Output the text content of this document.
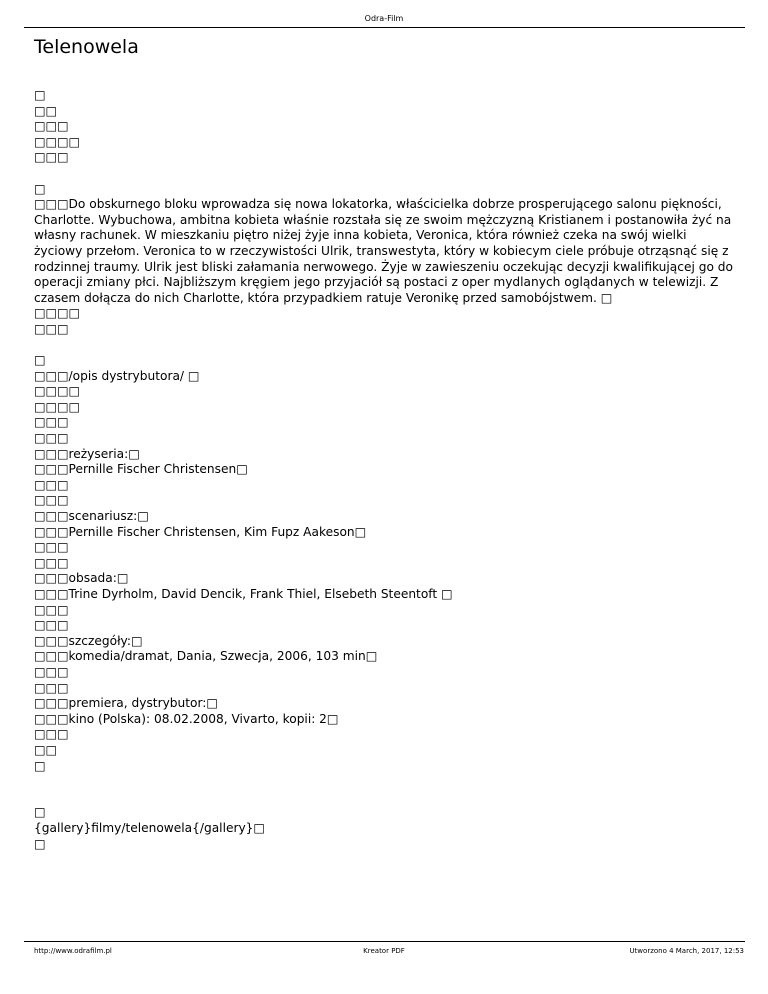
Odra-Film
Telenowela
□
□□
□□□
□□□□
□□□
□
□□□Do obskurnego bloku wprowadza się nowa lokatorka, właścicielka dobrze prosperującego salonu piękności, Charlotte. Wybuchowa, ambitna kobieta właśnie rozstała się ze swoim mężczyzną Kristianem i postanowiła żyć na własny rachunek. W mieszkaniu piętro niżej żyje inna kobieta, Veronica, która również czeka na swój wielki życiowy przełom. Veronica to w rzeczywistości Ulrik, transwestyta, który w kobiecym ciele próbuje otrząsnąć się z rodzinnej traumy. Ulrik jest bliski załamania nerwowego. Żyje w zawieszeniu oczekując decyzji kwalifikującej go do operacji zmiany płci. Najbliższym kręgiem jego przyjaciół są postaci z oper mydlanych oglądanych w telewizji. Z czasem dołącza do nich Charlotte, która przypadkiem ratuje Veronikę przed samobójstwem. □
□□□□
□□□
□
□□□/opis dystrybutora/ □
□□□□
□□□□
□□□
□□□
□□□reżyseria:□
□□□Pernille Fischer Christensen□
□□□
□□□
□□□scenariusz:□
□□□Pernille Fischer Christensen, Kim Fupz Aakeson□
□□□
□□□
□□□obsada:□
□□□Trine Dyrholm, David Dencik, Frank Thiel, Elsebeth Steentoft □
□□□
□□□
□□□szczegóły:□
□□□komedia/dramat, Dania, Szwecja, 2006, 103 min□
□□□
□□□
□□□premiera, dystrybutor:□
□□□kino (Polska): 08.02.2008, Vivarto, kopii: 2□
□□□
□□
□
□
{gallery}filmy/telenowela{/gallery}□
□
http://www.odrafilm.pl	Kreator PDF	Utworzono 4 March, 2017, 12:53
